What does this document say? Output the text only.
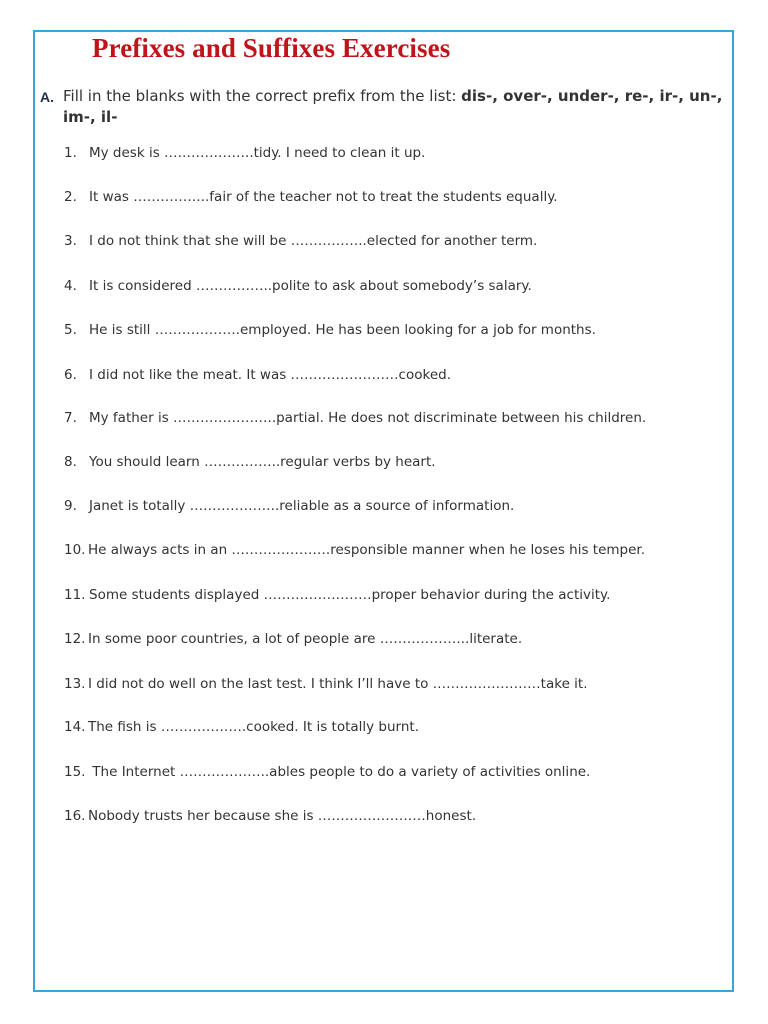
Prefixes and Suffixes Exercises
A. Fill in the blanks with the correct prefix from the list: dis-, over-, under-, re-, ir-, un-, im-, il-
1. My desk is ………………..tidy. I need to clean it up.
2. It was ……………..fair of the teacher not to treat the students equally.
3. I do not think that she will be ……………..elected for another term.
4. It is considered ……………..polite to ask about somebody’s salary.
5. He is still ……………….employed. He has been looking for a job for months.
6. I did not like the meat. It was ……………………cooked.
7. My father is …………………..partial. He does not discriminate between his children.
8. You should learn ……………..regular verbs by heart.
9. Janet is totally ………………..reliable as a source of information.
10. He always acts in an ………………….responsible manner when he loses his temper.
11. Some students displayed ……………………proper behavior during the activity.
12. In some poor countries, a lot of people are ………………..literate.
13. I did not do well on the last test. I think I’ll have to ……………………take it.
14. The fish is ……………….cooked. It is totally burnt.
15. The Internet ………………..ables people to do a variety of activities online.
16. Nobody trusts her because she is ……………………honest.
